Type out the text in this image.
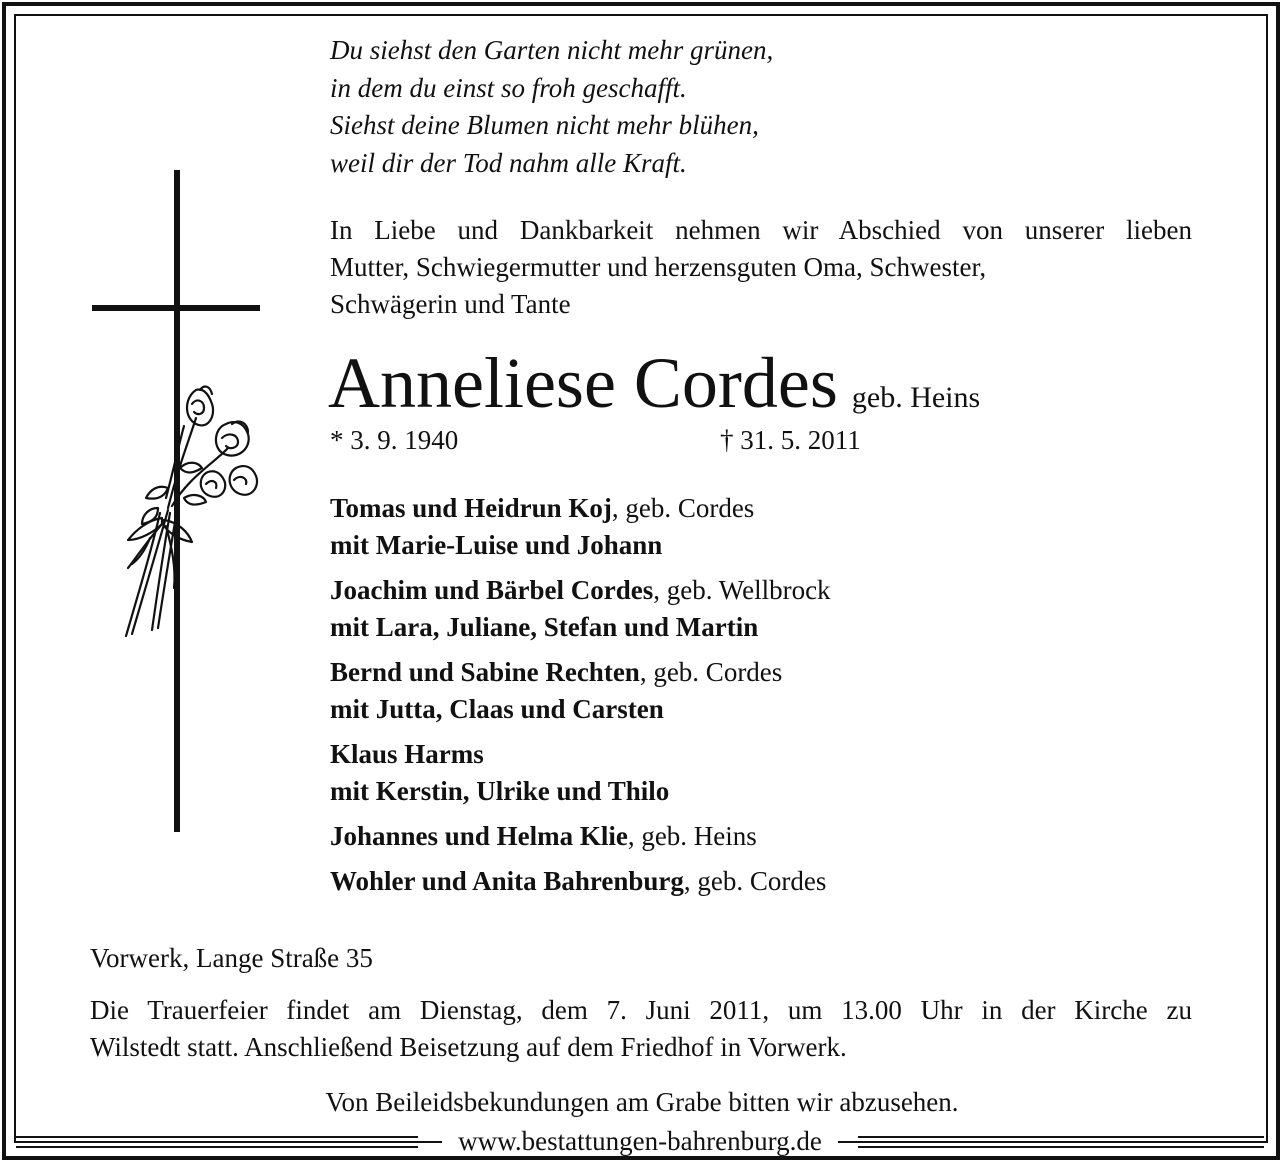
Du siehst den Garten nicht mehr grünen,
in dem du einst so froh geschafft.
Siehst deine Blumen nicht mehr blühen,
weil dir der Tod nahm alle Kraft.
In Liebe und Dankbarkeit nehmen wir Abschied von unserer lieben
Mutter, Schwiegermutter und herzensguten Oma, Schwester,
Schwägerin und Tante
Anneliese Cordes geb. Heins
* 3. 9. 1940	† 31. 5. 2011
Tomas und Heidrun Koj, geb. Cordes
mit Marie-Luise und Johann
Joachim und Bärbel Cordes, geb. Wellbrock
mit Lara, Juliane, Stefan und Martin
Bernd und Sabine Rechten, geb. Cordes
mit Jutta, Claas und Carsten
Klaus Harms
mit Kerstin, Ulrike und Thilo
Johannes und Helma Klie, geb. Heins
Wohler und Anita Bahrenburg, geb. Cordes
Vorwerk, Lange Straße 35
Die Trauerfeier findet am Dienstag, dem 7. Juni 2011, um 13.00 Uhr in der Kirche zu
Wilstedt statt. Anschließend Beisetzung auf dem Friedhof in Vorwerk.
Von Beileidsbekundungen am Grabe bitten wir abzusehen.
www.bestattungen-bahrenburg.de
